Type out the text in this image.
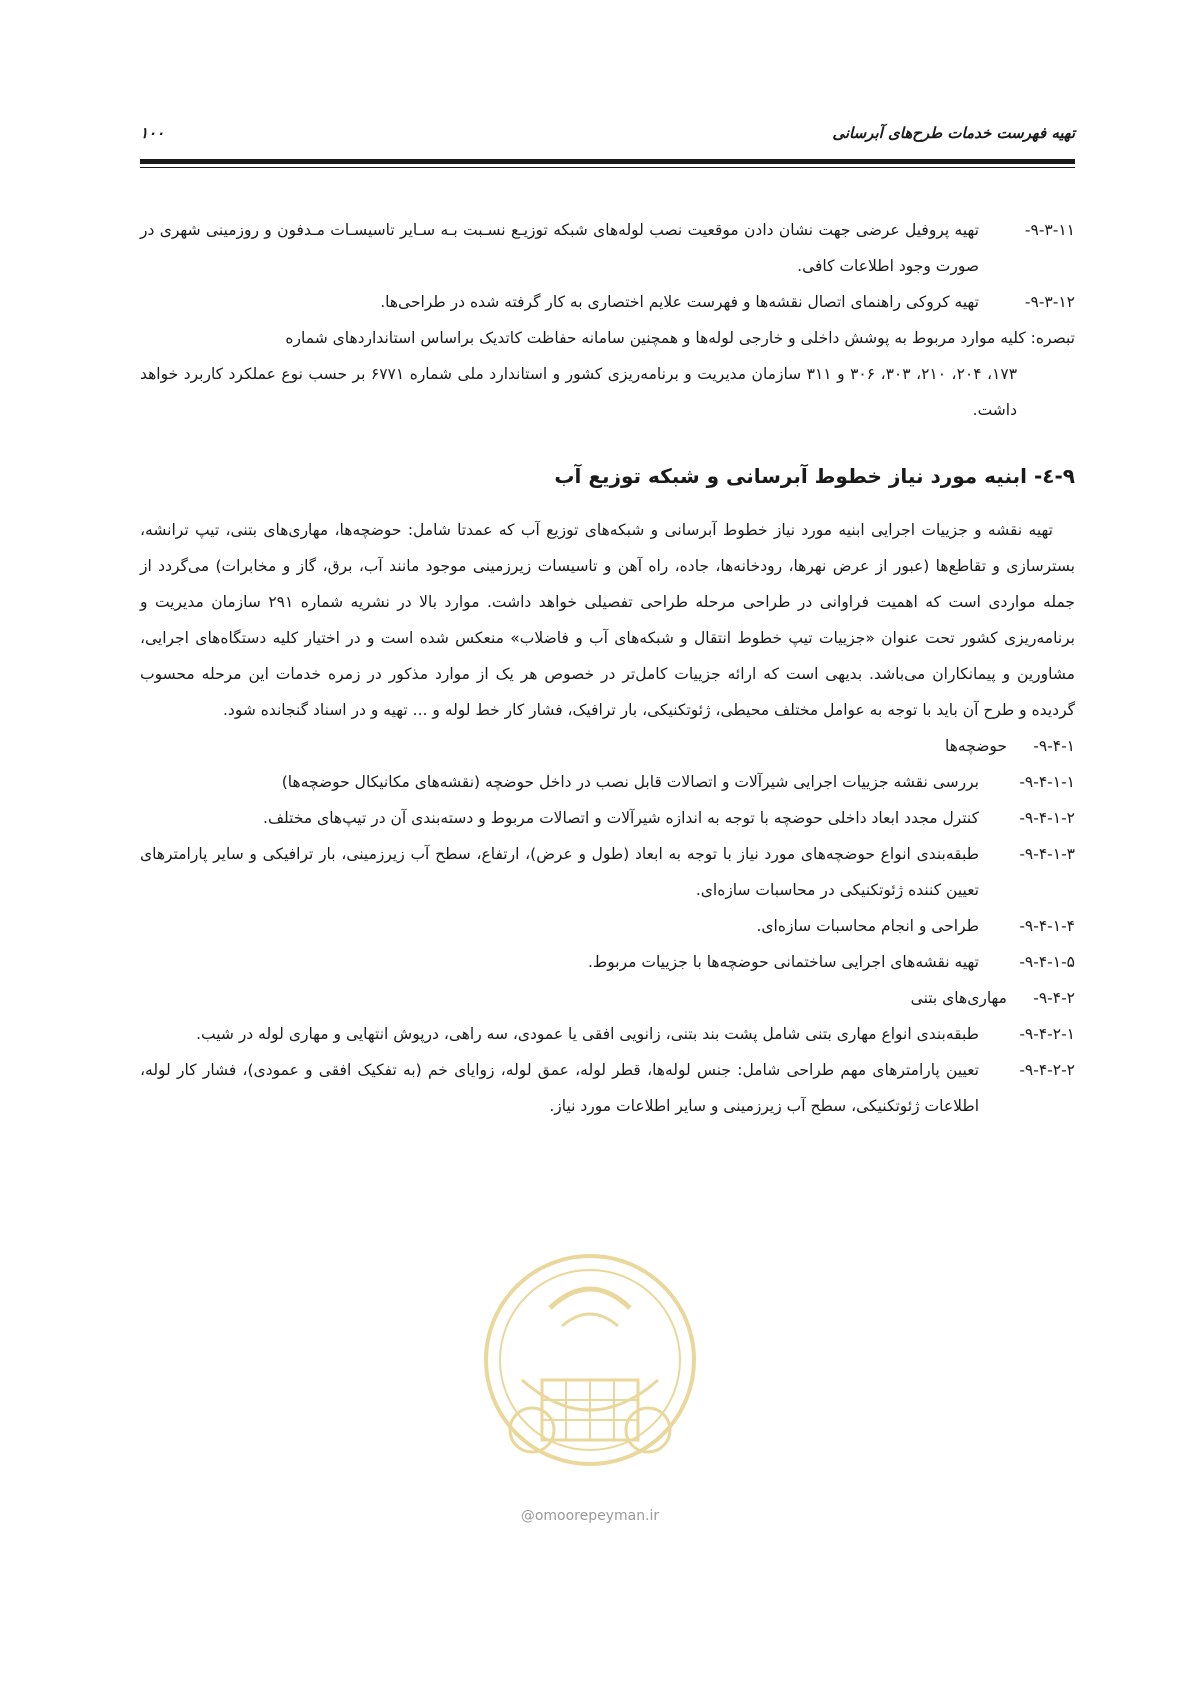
تهیه فهرست خدمات طرح‌های آبرسانی
۱۰۰

۹-۳-۱۱-
تهیه پروفیل عرضی جهت نشان دادن موقعیت نصب لوله‌های شبکه توزیـع نسـبت بـه سـایر تاسیسـات مـدفون و روزمینی شهری در صورت وجود اطلاعات کافی.

۹-۳-۱۲-
تهیه کروکی راهنمای اتصال نقشه‌ها و فهرست علایم اختصاری به کار گرفته شده در طراحی‌ها.

تبصره: کلیه موارد مربوط به پوشش داخلی و خارجی لوله‌ها و همچنین سامانه حفاظت کاتدیک براساس استانداردهای شماره
۱۷۳، ۲۰۴، ۲۱۰، ۳۰۳، ۳۰۶ و ۳۱۱ سازمان مدیریت و برنامه‌ریزی کشور و استاندارد ملی شماره ۶۷۷۱ بر حسب نوع عملکرد کاربرد خواهد داشت.

۹-٤- ابنیه مورد نیاز خطوط آبرسانی و شبکه توزیع آب

تهیه نقشه و جزییات اجرایی ابنیه مورد نیاز خطوط آبرسانی و شبکه‌های توزیع آب که عمدتا شامل: حوضچه‌ها، مهاری‌های بتنی، تیپ ترانشه، بسترسازی و تقاطع‌ها (عبور از عرض نهرها، رودخانه‌ها، جاده، راه آهن و تاسیسات زیرزمینی موجود مانند آب، برق، گاز و مخابرات) می‌گردد از جمله مواردی است که اهمیت فراوانی در طراحی مرحله طراحی تفصیلی خواهد داشت. موارد بالا در نشریه شماره ۲۹۱ سازمان مدیریت و برنامه‌ریزی کشور تحت عنوان «جزییات تیپ خطوط انتقال و شبکه‌های آب و فاضلاب» منعکس شده است و در اختیار کلیه دستگاه‌های اجرایی، مشاورین و پیمانکاران می‌باشد. بدیهی است که ارائه جزییات کامل‌تر در خصوص هر یک از موارد مذکور در زمره خدمات این مرحله محسوب گردیده و طرح آن باید با توجه به عوامل مختلف محیطی، ژئوتکنیکی، بار ترافیک، فشار کار خط لوله و ... تهیه و در اسناد گنجانده شود.

۹-۴-۱-
حوضچه‌ها

۹-۴-۱-۱-
بررسی نقشه جزییات اجرایی شیرآلات و اتصالات قابل نصب در داخل حوضچه (نقشه‌های مکانیکال حوضچه‌ها)

۹-۴-۱-۲-
کنترل مجدد ابعاد داخلی حوضچه با توجه به اندازه شیرآلات و اتصالات مربوط و دسته‌بندی آن در تیپ‌های مختلف.

۹-۴-۱-۳-
طبقه‌بندی انواع حوضچه‌های مورد نیاز با توجه به ابعاد (طول و عرض)، ارتفاع، سطح آب زیرزمینی، بار ترافیکی و سایر پارامترهای تعیین کننده ژئوتکنیکی در محاسبات سازه‌ای.

۹-۴-۱-۴-
طراحی و انجام محاسبات سازه‌ای.

۹-۴-۱-۵-
تهیه نقشه‌های اجرایی ساختمانی حوضچه‌ها با جزییات مربوط.

۹-۴-۲-
مهاری‌های بتنی

۹-۴-۲-۱-
طبقه‌بندی انواع مهاری بتنی شامل پشت بند بتنی، زانویی افقی یا عمودی، سه راهی، درپوش انتهایی و مهاری لوله در شیب.

۹-۴-۲-۲-
تعیین پارامترهای مهم طراحی شامل: جنس لوله‌ها، قطر لوله، عمق لوله، زوایای خم (به تفکیک افقی و عمودی)، فشار کار لوله، اطلاعات ژئوتکنیکی، سطح آب زیرزمینی و سایر اطلاعات مورد نیاز.

@omoorepeyman.ir
